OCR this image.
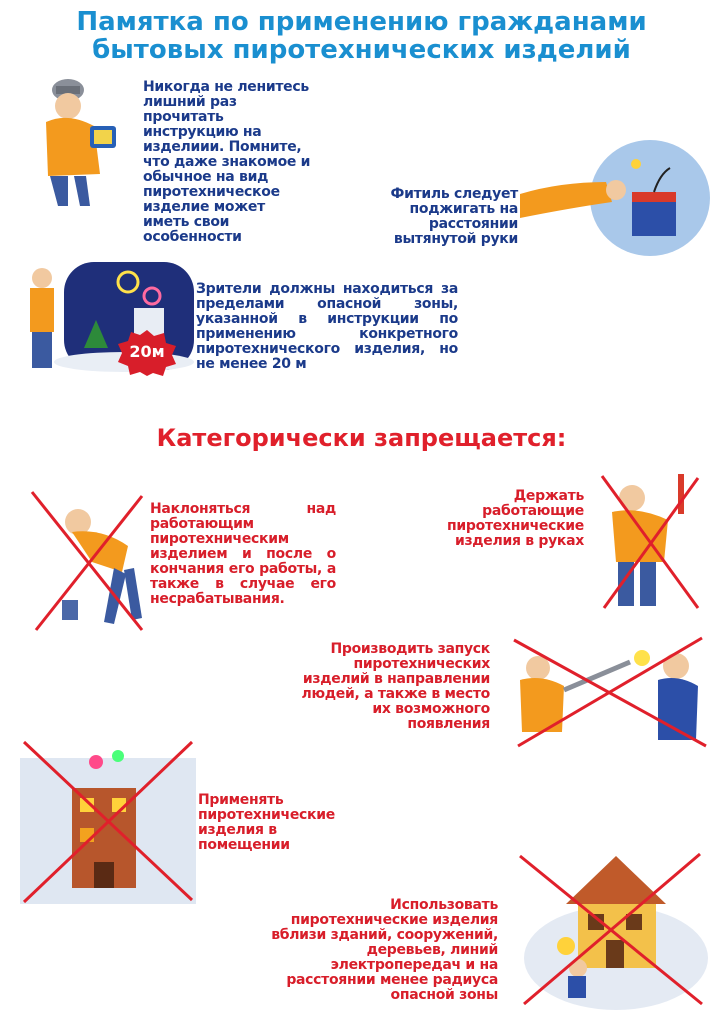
Памятка по применению гражданами
бытовых пиротехнических изделий
Никогда не ленитесь лишний раз прочитать инструкцию на изделиии. Помните, что даже знакомое и обычное на вид пиротехническое изделие может иметь свои особенности
Фитиль следует поджигать на расстоянии вытянутой руки
20м
Зрители должны находиться за пределами опасной зоны, указанной в инструкции по применению конкретного пиротехнического изделия, но не менее 20 м
Категорически запрещается:
Наклоняться над работающим пиротехническим изделием и после о кончания его работы, а также в случае его несрабатывания.
Держать работающие пиротехнические изделия в руках
Производить запуск пиротехнических изделий в направлении людей, а также в место их возможного появления
Применять пиротехнические изделия в помещении
Использовать пиротехнические изделия вблизи зданий, сооружений, деревьев, линий электропередач и на расстоянии менее радиуса опасной зоны
